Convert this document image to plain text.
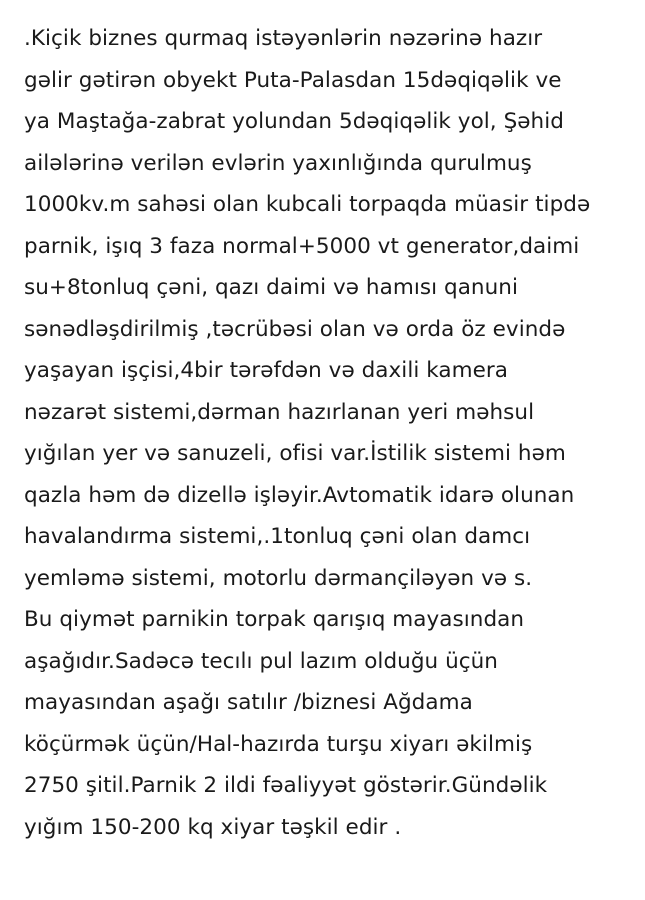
.Kiçik biznes qurmaq istəyənlərin nəzərinə hazır
gəlir gətirən obyekt Puta-Palasdan 15dəqiqəlik ve
ya Maştağa-zabrat yolundan 5dəqiqəlik yol, Şəhid
ailələrinə verilən evlərin yaxınlığında qurulmuş
1000kv.m sahəsi olan kubcali torpaqda müasir tipdə
parnik, işıq 3 faza normal+5000 vt generator,daimi
su+8tonluq çəni, qazı daimi və hamısı qanuni
sənədləşdirilmiş ,təcrübəsi olan və orda öz evində
yaşayan işçisi,4bir tərəfdən və daxili kamera
nəzarət sistemi,dərman hazırlanan yeri məhsul
yığılan yer və sanuzeli, ofisi var.İstilik sistemi həm
qazla həm də dizellə işləyir.Avtomatik idarə olunan
havalandırma sistemi,.1tonluq çəni olan damcı
yemləmə sistemi, motorlu dərmançiləyən və s.
Bu qiymət parnikin torpak qarışıq mayasından
aşağıdır.Sadəcə tecılı pul lazım olduğu üçün
mayasından aşağı satılır /biznesi Ağdama
köçürmək üçün/Hal-hazırda turşu xiyarı əkilmiş
2750 şitil.Parnik 2 ildi fəaliyyət göstərir.Gündəlik
yığım 150-200 kq xiyar təşkil edir .
